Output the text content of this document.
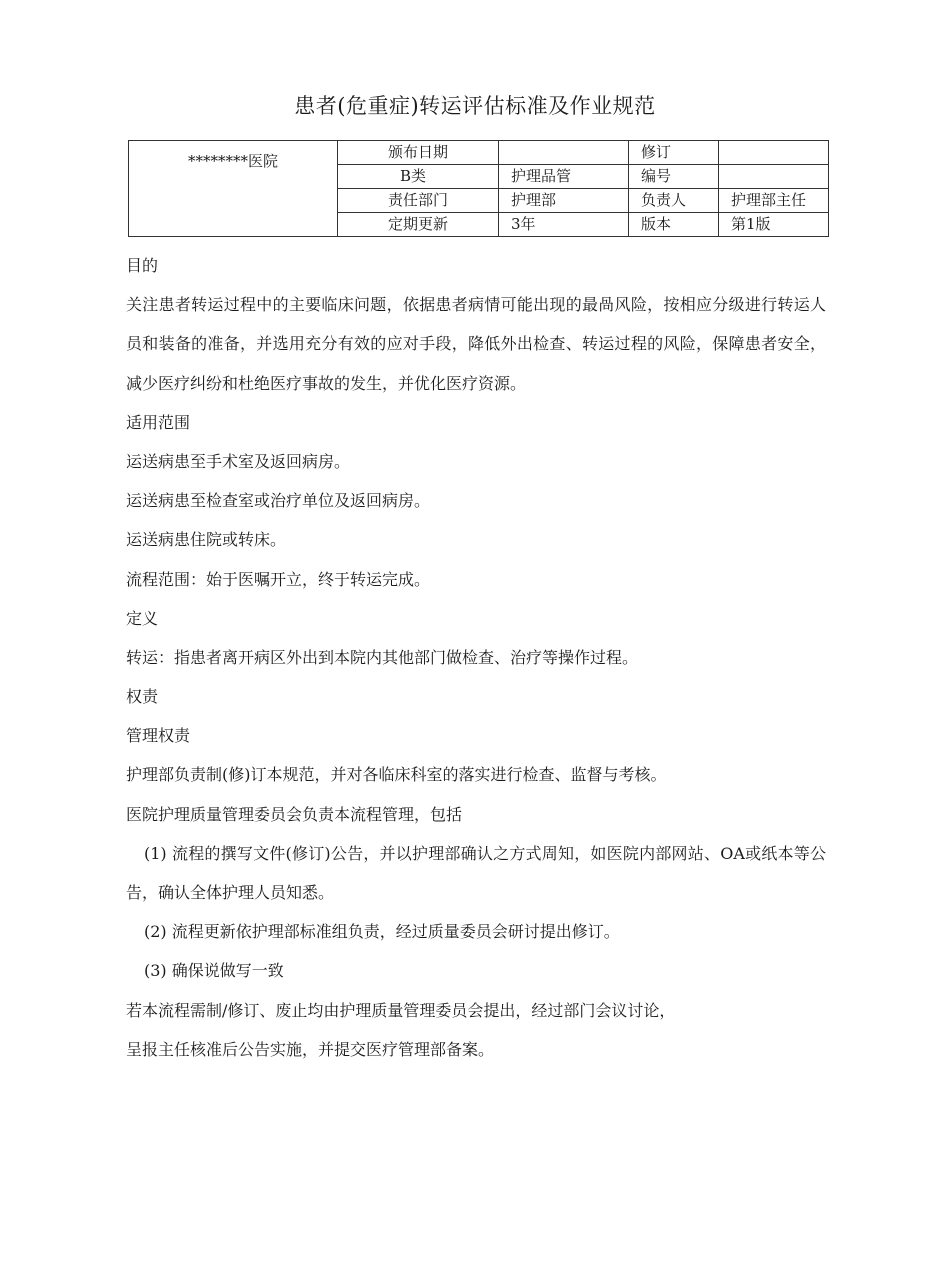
患者(危重症)转运评估标准及作业规范
********医院	颁布日期		修订	
	B类	护理品管	编号	
	责任部门	护理部	负责人	护理部主任
	定期更新	3年	版本	第1版

目的

关注患者转运过程中的主要临床问题，依据患者病情可能出现的最咼风险，按相应分级进行转运人员和装备的准备，并选用充分有效的应对手段，降低外出检查、转运过程的风险，保障患者安全，减少医疗纠纷和杜绝医疗事故的发生，并优化医疗资源。

适用范围

运送病患至手术室及返回病房。

运送病患至检查室或治疗单位及返回病房。

运送病患住院或转床。

流程范围：始于医嘱开立，终于转运完成。

定义

转运：指患者离开病区外出到本院内其他部门做检查、治疗等操作过程。

权责

管理权责

护理部负责制(修)订本规范，并对各临床科室的落实进行检查、监督与考核。

医院护理质量管理委员会负责本流程管理，包括

(1) 流程的撰写文件(修订)公告，并以护理部确认之方式周知，如医院内部网站、OA或纸本等公告，确认全体护理人员知悉。

(2) 流程更新依护理部标准组负责，经过质量委员会研讨提出修订。

(3) 确保说做写一致

若本流程需制/修订、废止均由护理质量管理委员会提出，经过部门会议讨论，

呈报主任核准后公告实施，并提交医疗管理部备案。
